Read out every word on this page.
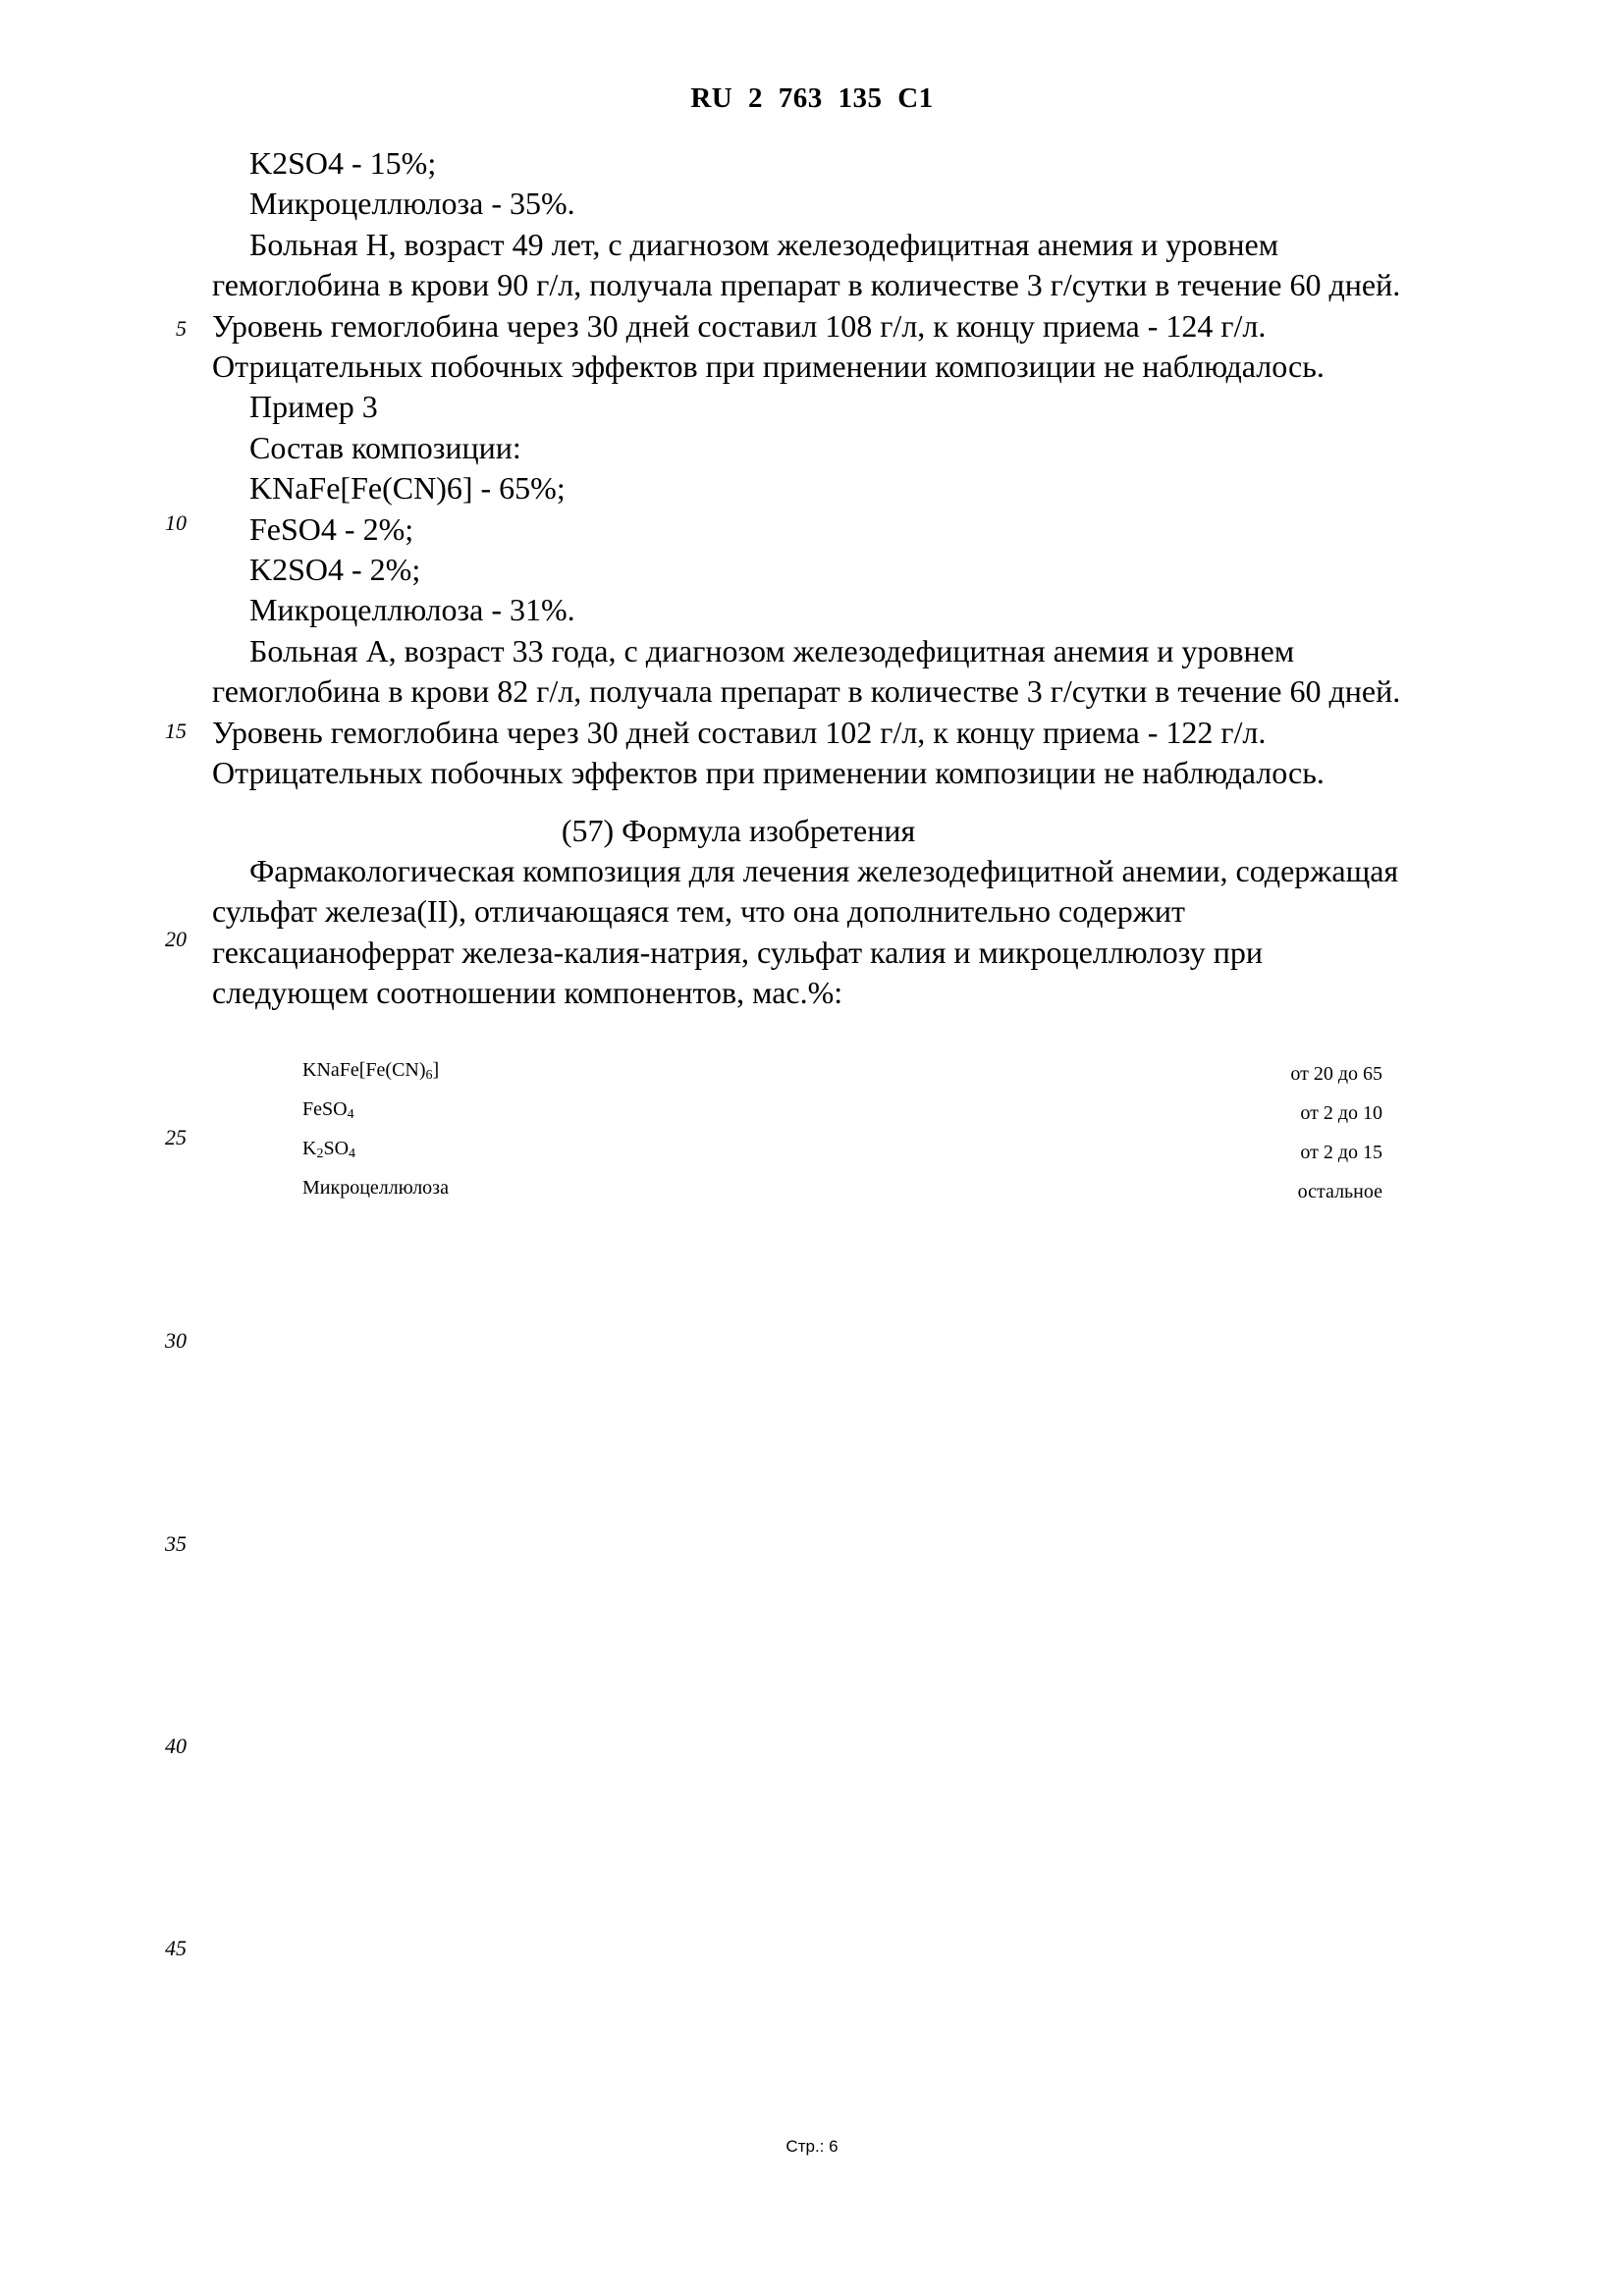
RU 2 763 135 C1
5
10
15
20
25
30
35
40
45

K2SO4 - 15%;

Микроцеллюлоза - 35%.

Больная Н, возраст 49 лет, с диагнозом железодефицитная анемия и уровнем

гемоглобина в крови 90 г/л, получала препарат в количестве 3 г/сутки в течение 60 дней.

Уровень гемоглобина через 30 дней составил 108 г/л, к концу приема - 124 г/л.

Отрицательных побочных эффектов при применении композиции не наблюдалось.

Пример 3

Состав композиции:

KNaFe[Fe(CN)6] - 65%;

FeSO4 - 2%;

K2SO4 - 2%;

Микроцеллюлоза - 31%.

Больная А, возраст 33 года, с диагнозом железодефицитная анемия и уровнем

гемоглобина в крови 82 г/л, получала препарат в количестве 3 г/сутки в течение 60 дней.

Уровень гемоглобина через 30 дней составил 102 г/л, к концу приема - 122 г/л.

Отрицательных побочных эффектов при применении композиции не наблюдалось.

(57) Формула изобретения

Фармакологическая композиция для лечения железодефицитной анемии, содержащая

сульфат железа(II), отличающаяся тем, что она дополнительно содержит

гексацианоферрат железа-калия-натрия, сульфат калия и микроцеллюлозу при

следующем соотношении компонентов, мас.%:

$KNaFe[Fe(CN)_6]$	от 20 до 65
FeSO$_4$	от 2 до 10
$K_2SO_4$	от 2 до 15
Микроцеллюлоза	остальное
Стр.: 6
